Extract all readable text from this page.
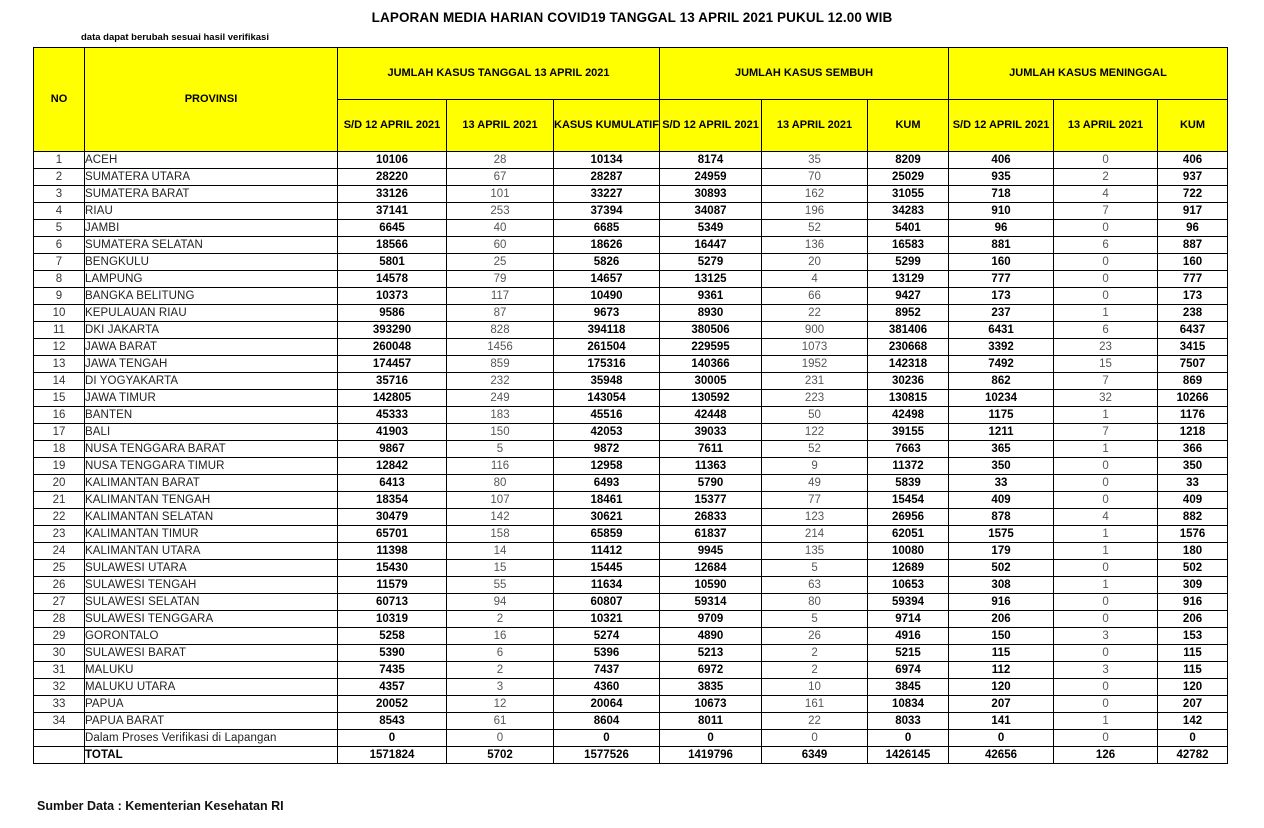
LAPORAN MEDIA HARIAN COVID19 TANGGAL 13 APRIL 2021 PUKUL 12.00 WIB
data dapat berubah sesuai hasil verifikasi
NO	PROVINSI	JUMLAH KASUS TANGGAL 13 APRIL 2021			JUMLAH KASUS SEMBUH			JUMLAH KASUS MENINGGAL		
		S/D 12 APRIL 2021	13 APRIL 2021	KASUS KUMULATIF	S/D 12 APRIL 2021	13 APRIL 2021	KUM	S/D 12 APRIL 2021	13 APRIL 2021	KUM
1	ACEH	10106	28	10134	8174	35	8209	406	0	406
2	SUMATERA UTARA	28220	67	28287	24959	70	25029	935	2	937
3	SUMATERA BARAT	33126	101	33227	30893	162	31055	718	4	722
4	RIAU	37141	253	37394	34087	196	34283	910	7	917
5	JAMBI	6645	40	6685	5349	52	5401	96	0	96
6	SUMATERA SELATAN	18566	60	18626	16447	136	16583	881	6	887
7	BENGKULU	5801	25	5826	5279	20	5299	160	0	160
8	LAMPUNG	14578	79	14657	13125	4	13129	777	0	777
9	BANGKA BELITUNG	10373	117	10490	9361	66	9427	173	0	173
10	KEPULAUAN RIAU	9586	87	9673	8930	22	8952	237	1	238
11	DKI JAKARTA	393290	828	394118	380506	900	381406	6431	6	6437
12	JAWA BARAT	260048	1456	261504	229595	1073	230668	3392	23	3415
13	JAWA TENGAH	174457	859	175316	140366	1952	142318	7492	15	7507
14	DI YOGYAKARTA	35716	232	35948	30005	231	30236	862	7	869
15	JAWA TIMUR	142805	249	143054	130592	223	130815	10234	32	10266
16	BANTEN	45333	183	45516	42448	50	42498	1175	1	1176
17	BALI	41903	150	42053	39033	122	39155	1211	7	1218
18	NUSA TENGGARA BARAT	9867	5	9872	7611	52	7663	365	1	366
19	NUSA TENGGARA TIMUR	12842	116	12958	11363	9	11372	350	0	350
20	KALIMANTAN BARAT	6413	80	6493	5790	49	5839	33	0	33
21	KALIMANTAN TENGAH	18354	107	18461	15377	77	15454	409	0	409
22	KALIMANTAN SELATAN	30479	142	30621	26833	123	26956	878	4	882
23	KALIMANTAN TIMUR	65701	158	65859	61837	214	62051	1575	1	1576
24	KALIMANTAN UTARA	11398	14	11412	9945	135	10080	179	1	180
25	SULAWESI UTARA	15430	15	15445	12684	5	12689	502	0	502
26	SULAWESI TENGAH	11579	55	11634	10590	63	10653	308	1	309
27	SULAWESI SELATAN	60713	94	60807	59314	80	59394	916	0	916
28	SULAWESI TENGGARA	10319	2	10321	9709	5	9714	206	0	206
29	GORONTALO	5258	16	5274	4890	26	4916	150	3	153
30	SULAWESI BARAT	5390	6	5396	5213	2	5215	115	0	115
31	MALUKU	7435	2	7437	6972	2	6974	112	3	115
32	MALUKU UTARA	4357	3	4360	3835	10	3845	120	0	120
33	PAPUA	20052	12	20064	10673	161	10834	207	0	207
34	PAPUA BARAT	8543	61	8604	8011	22	8033	141	1	142
	Dalam Proses Verifikasi di Lapangan	0	0	0	0	0	0	0	0	0
	TOTAL	1571824	5702	1577526	1419796	6349	1426145	42656	126	42782
Sumber Data : Kementerian Kesehatan RI
